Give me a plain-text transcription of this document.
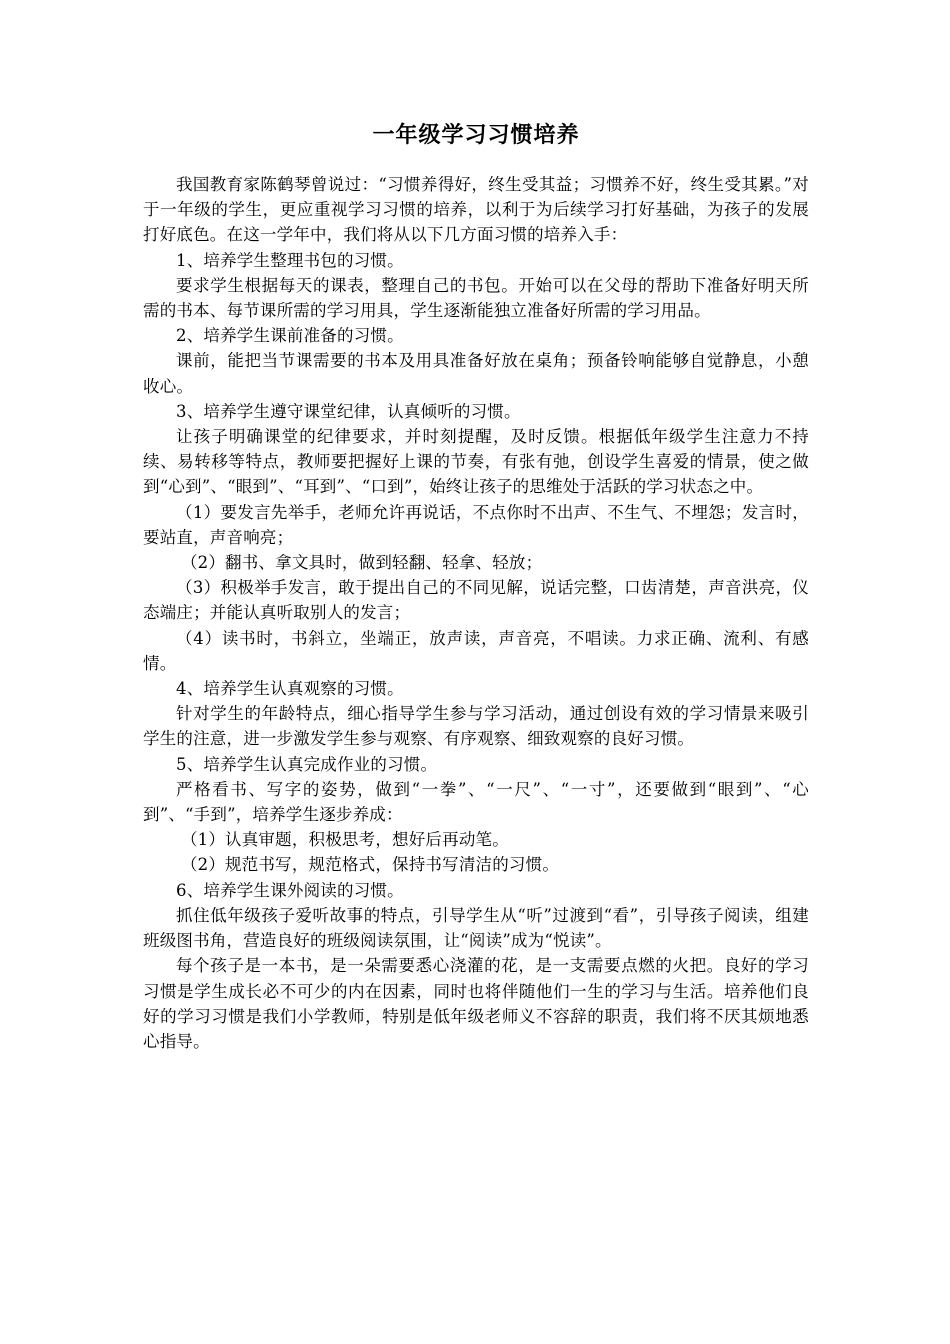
一年级学习习惯培养

我国教育家陈鹤琴曾说过：“习惯养得好，终生受其益；习惯养不好，终生受其累。”对于一年级的学生，更应重视学习习惯的培养，以利于为后续学习打好基础，为孩子的发展打好底色。在这一学年中，我们将从以下几方面习惯的培养入手：

1、培养学生整理书包的习惯。

要求学生根据每天的课表，整理自己的书包。开始可以在父母的帮助下准备好明天所需的书本、每节课所需的学习用具，学生逐渐能独立准备好所需的学习用品。

2、培养学生课前准备的习惯。

课前，能把当节课需要的书本及用具准备好放在桌角；预备铃响能够自觉静息，小憩收心。

3、培养学生遵守课堂纪律，认真倾听的习惯。

让孩子明确课堂的纪律要求，并时刻提醒，及时反馈。根据低年级学生注意力不持续、易转移等特点，教师要把握好上课的节奏，有张有弛，创设学生喜爱的情景，使之做到“心到”、“眼到”、“耳到”、“口到”，始终让孩子的思维处于活跃的学习状态之中。

（1）要发言先举手，老师允许再说话，不点你时不出声、不生气、不埋怨；发言时，要站直，声音响亮；

（2）翻书、拿文具时，做到轻翻、轻拿、轻放；

（3）积极举手发言，敢于提出自己的不同见解，说话完整，口齿清楚，声音洪亮，仪态端庄；并能认真听取别人的发言；

（4）读书时，书斜立，坐端正，放声读，声音亮，不唱读。力求正确、流利、有感情。

4、培养学生认真观察的习惯。

针对学生的年龄特点，细心指导学生参与学习活动，通过创设有效的学习情景来吸引学生的注意，进一步激发学生参与观察、有序观察、细致观察的良好习惯。

5、培养学生认真完成作业的习惯。

严格看书、写字的姿势，做到“一拳”、“一尺”、“一寸”，还要做到“眼到”、“心到”、“手到”，培养学生逐步养成：

（1）认真审题，积极思考，想好后再动笔。

（2）规范书写，规范格式，保持书写清洁的习惯。

6、培养学生课外阅读的习惯。

抓住低年级孩子爱听故事的特点，引导学生从“听”过渡到“看”，引导孩子阅读，组建班级图书角，营造良好的班级阅读氛围，让“阅读”成为“悦读”。

每个孩子是一本书，是一朵需要悉心浇灌的花，是一支需要点燃的火把。良好的学习习惯是学生成长必不可少的内在因素，同时也将伴随他们一生的学习与生活。培养他们良好的学习习惯是我们小学教师，特别是低年级老师义不容辞的职责，我们将不厌其烦地悉心指导。
